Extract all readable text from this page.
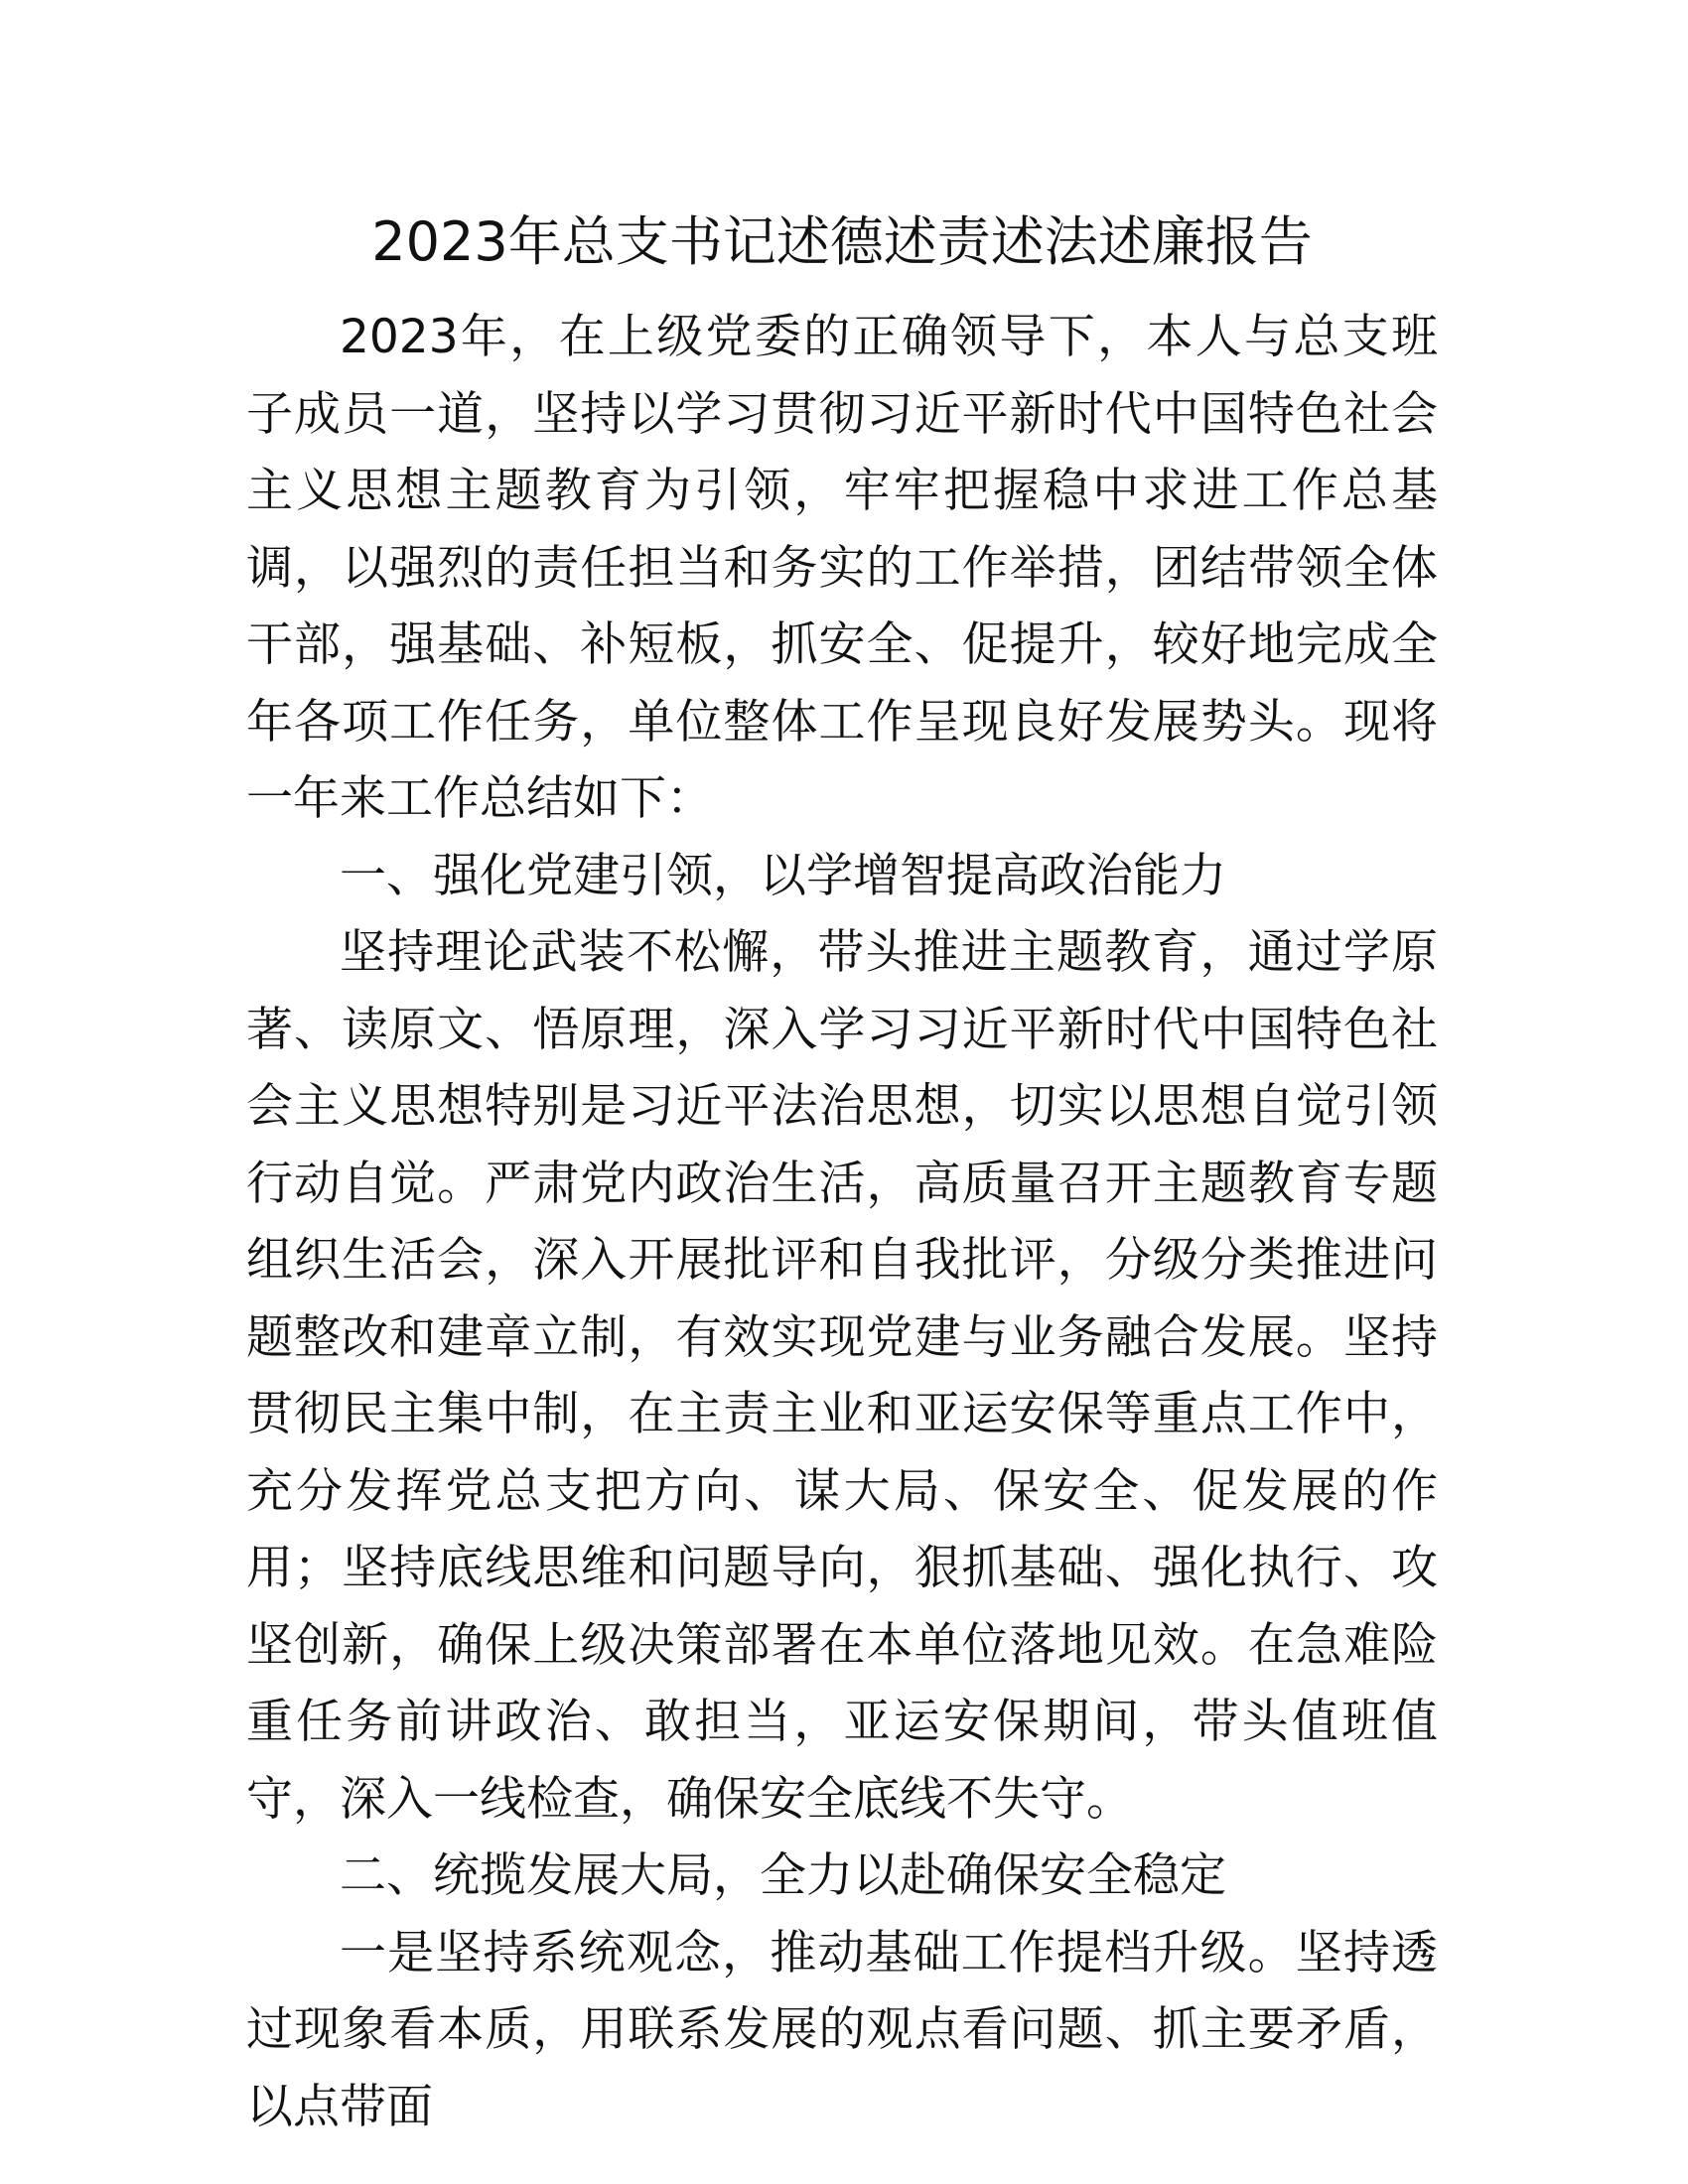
2023年总支书记述德述责述法述廉报告

2023年，在上级党委的正确领导下，本人与总支班子成员一道，坚持以学习贯彻习近平新时代中国特色社会主义思想主题教育为引领，牢牢把握稳中求进工作总基调，以强烈的责任担当和务实的工作举措，团结带领全体干部，强基础、补短板，抓安全、促提升，较好地完成全年各项工作任务，单位整体工作呈现良好发展势头。现将一年来工作总结如下：

一、强化党建引领，以学增智提高政治能力

坚持理论武装不松懈，带头推进主题教育，通过学原著、读原文、悟原理，深入学习习近平新时代中国特色社会主义思想特别是习近平法治思想，切实以思想自觉引领行动自觉。严肃党内政治生活，高质量召开主题教育专题组织生活会，深入开展批评和自我批评，分级分类推进问题整改和建章立制，有效实现党建与业务融合发展。坚持贯彻民主集中制，在主责主业和亚运安保等重点工作中，充分发挥党总支把方向、谋大局、保安全、促发展的作用；坚持底线思维和问题导向，狠抓基础、强化执行、攻坚创新，确保上级决策部署在本单位落地见效。在急难险重任务前讲政治、敢担当，亚运安保期间，带头值班值守，深入一线检查，确保安全底线不失守。

二、统揽发展大局，全力以赴确保安全稳定

一是坚持系统观念，推动基础工作提档升级。坚持透过现象看本质，用联系发展的观点看问题、抓主要矛盾，以点带面
